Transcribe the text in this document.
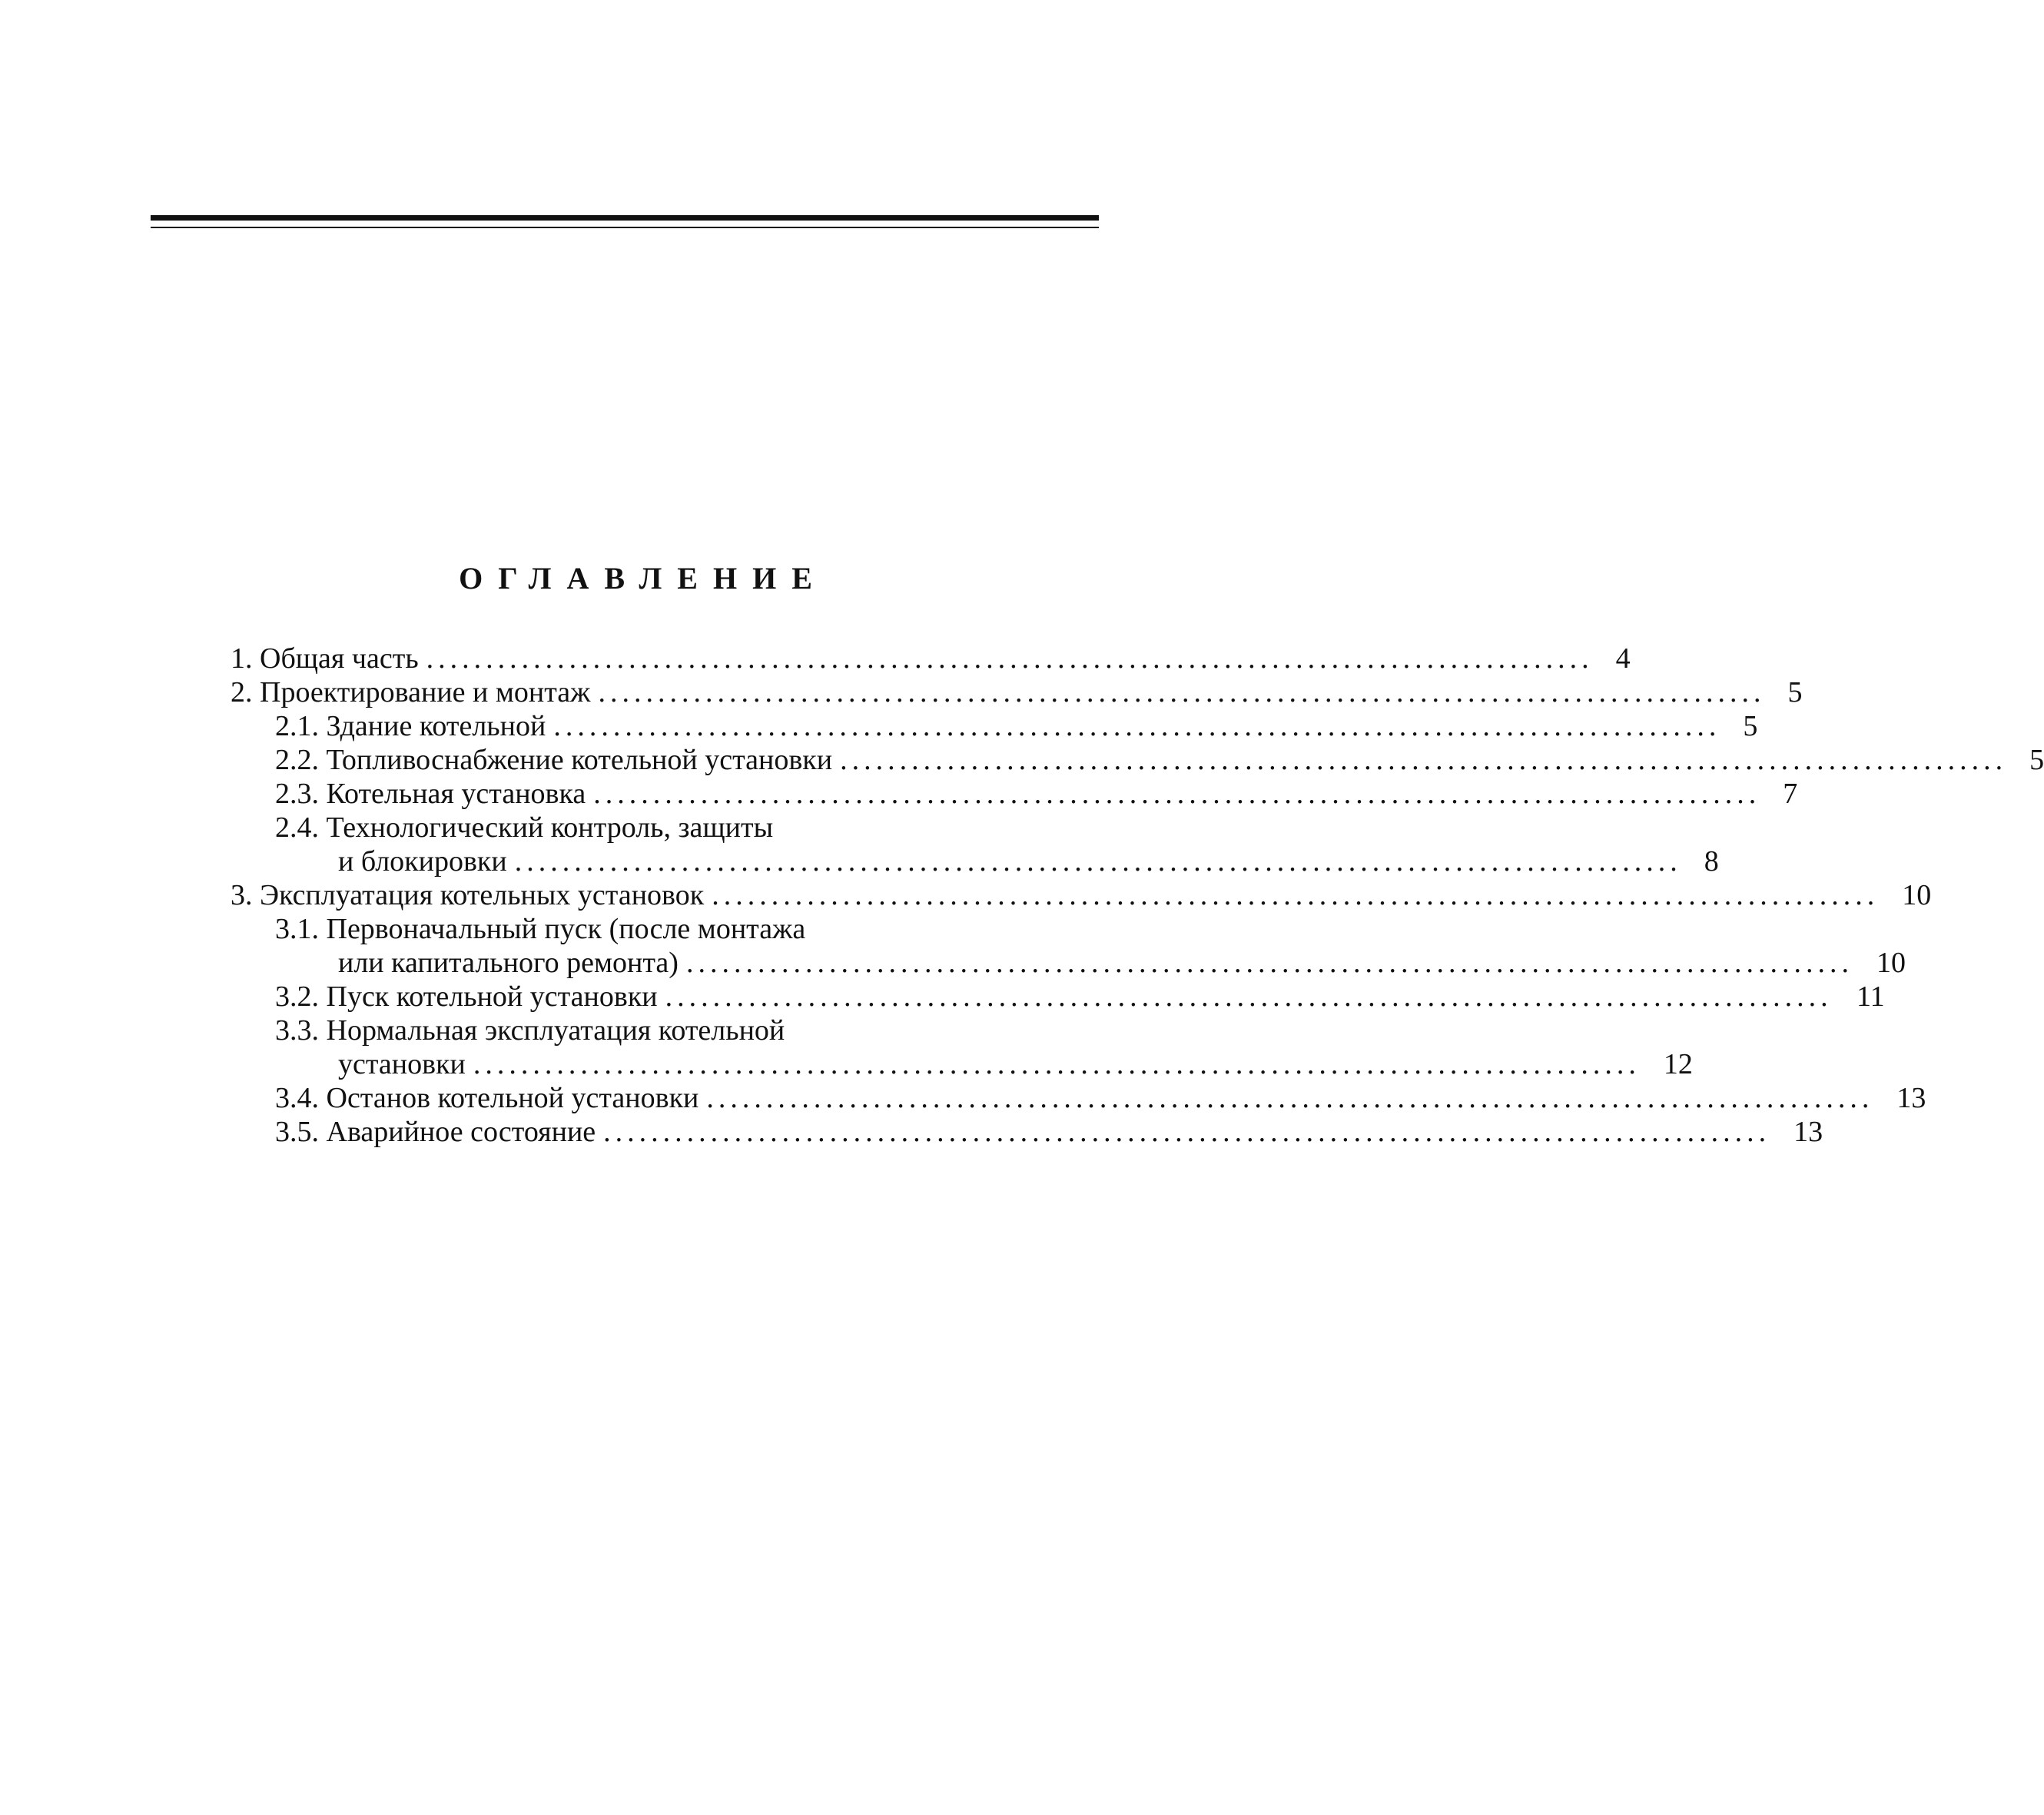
ОГЛАВЛЕНИЕ
1.
Общая часть .................................................................................................. 4
2.
Проектирование и монтаж .................................................................................................. 5
2.1.
Здание котельной .................................................................................................. 5
2.2.
Топливоснабжение котельной установки .................................................................................................. 5
2.3.
Котельная установка .................................................................................................. 7
2.4.
Технологический контроль, защиты
и блокировки .................................................................................................. 8
3.
Эксплуатация котельных установок .................................................................................................. 10
3.1.
Первоначальный пуск (после монтажа
или капитального ремонта) .................................................................................................. 10
3.2.
Пуск котельной установки .................................................................................................. 11
3.3.
Нормальная эксплуатация котельной
установки .................................................................................................. 12
3.4.
Останов котельной установки .................................................................................................. 13
3.5.
Аварийное состояние .................................................................................................. 13
